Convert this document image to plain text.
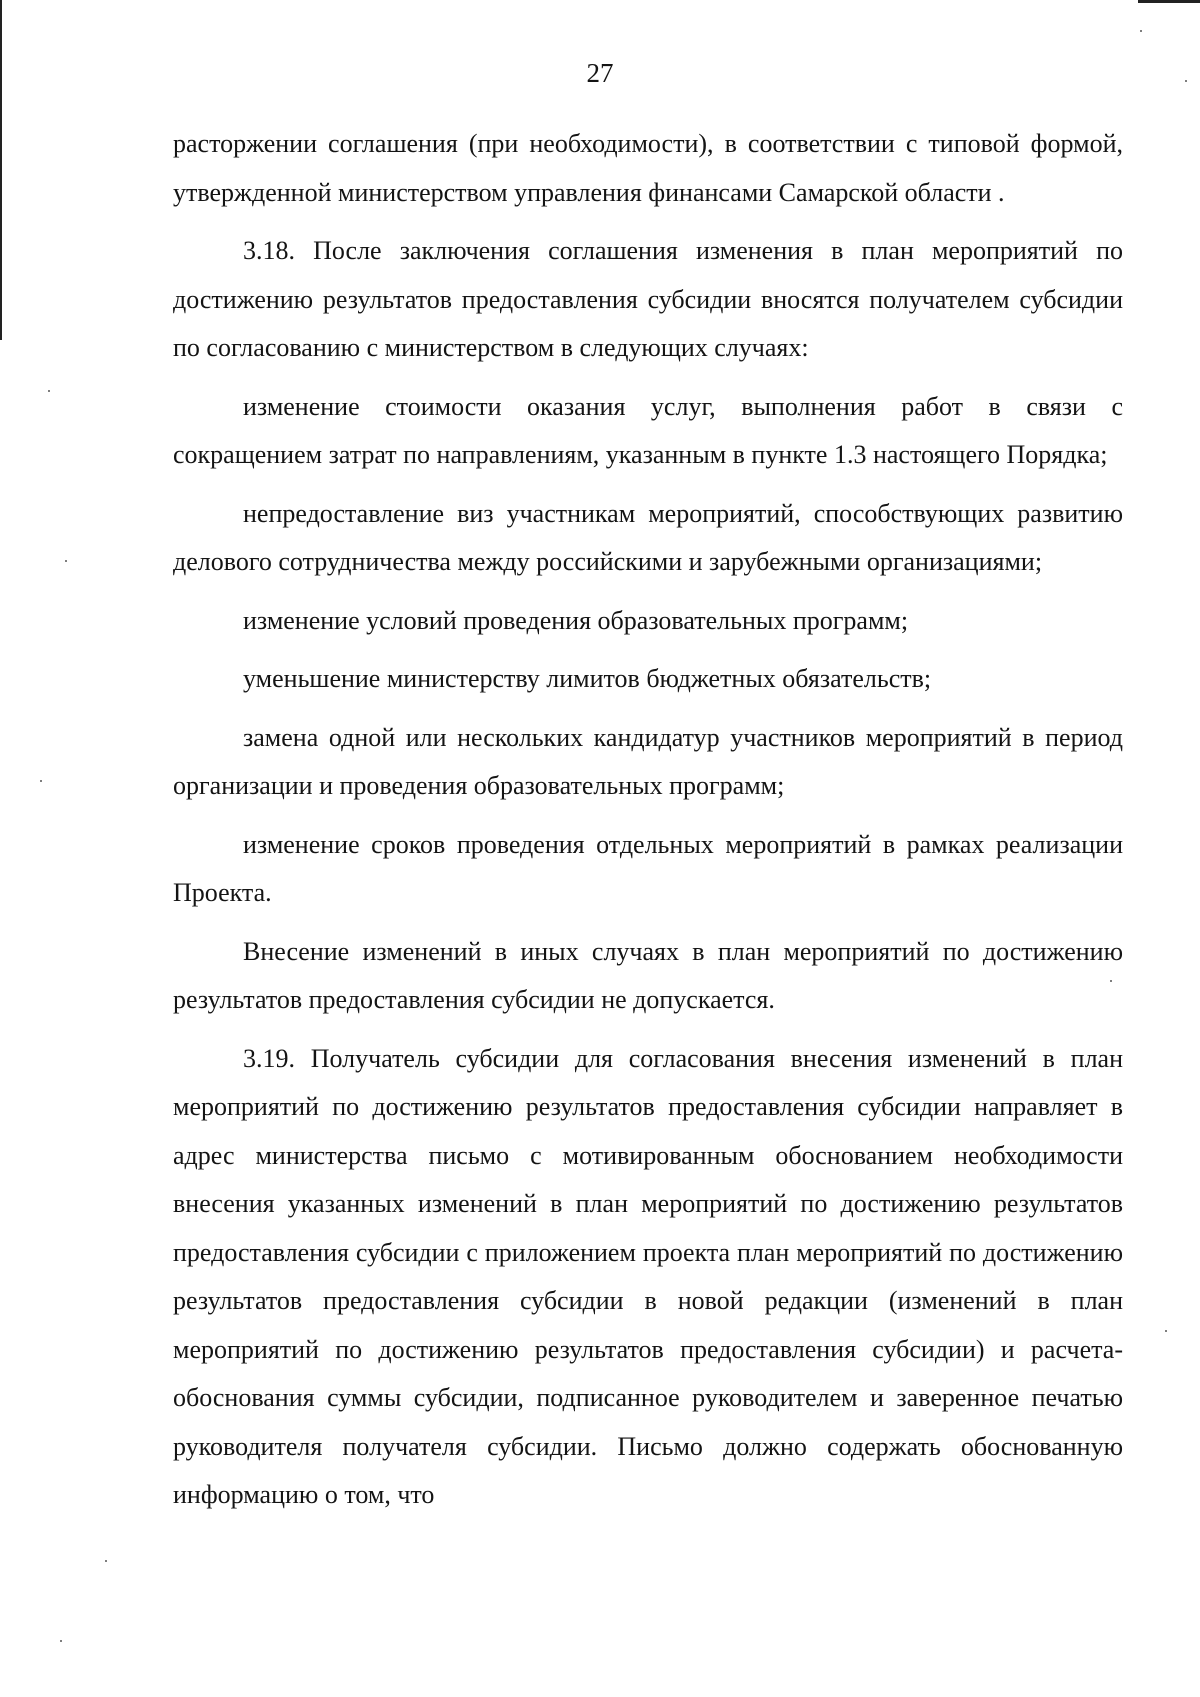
27

расторжении соглашения (при необходимости), в соответствии с типовой формой, утвержденной министерством управления финансами Самарской области .

3.18. После заключения соглашения изменения в план мероприятий по достижению результатов предоставления субсидии вносятся получателем субсидии по согласованию с министерством в следующих случаях:

изменение стоимости оказания услуг, выполнения работ в связи с сокращением затрат по направлениям, указанным в пункте 1.3 настоящего Порядка;

непредоставление виз участникам мероприятий, способствующих развитию делового сотрудничества между российскими и зарубежными организациями;

изменение условий проведения образовательных программ;

уменьшение министерству лимитов бюджетных обязательств;

замена одной или нескольких кандидатур участников мероприятий в период организации и проведения образовательных программ;

изменение сроков проведения отдельных мероприятий в рамках реализации Проекта.

Внесение изменений в иных случаях в план мероприятий по достижению результатов предоставления субсидии не допускается.

3.19. Получатель субсидии для согласования внесения изменений в план мероприятий по достижению результатов предоставления субсидии направляет в адрес министерства письмо с мотивированным обоснованием необходимости внесения указанных изменений в план мероприятий по достижению результатов предоставления субсидии с приложением проекта план мероприятий по достижению результатов предоставления субсидии в новой редакции (изменений в план мероприятий по достижению результатов предоставления субсидии) и расчета-обоснования суммы субсидии, подписанное руководителем и заверенное печатью руководителя получателя субсидии. Письмо должно содержать обоснованную информацию о том, что
